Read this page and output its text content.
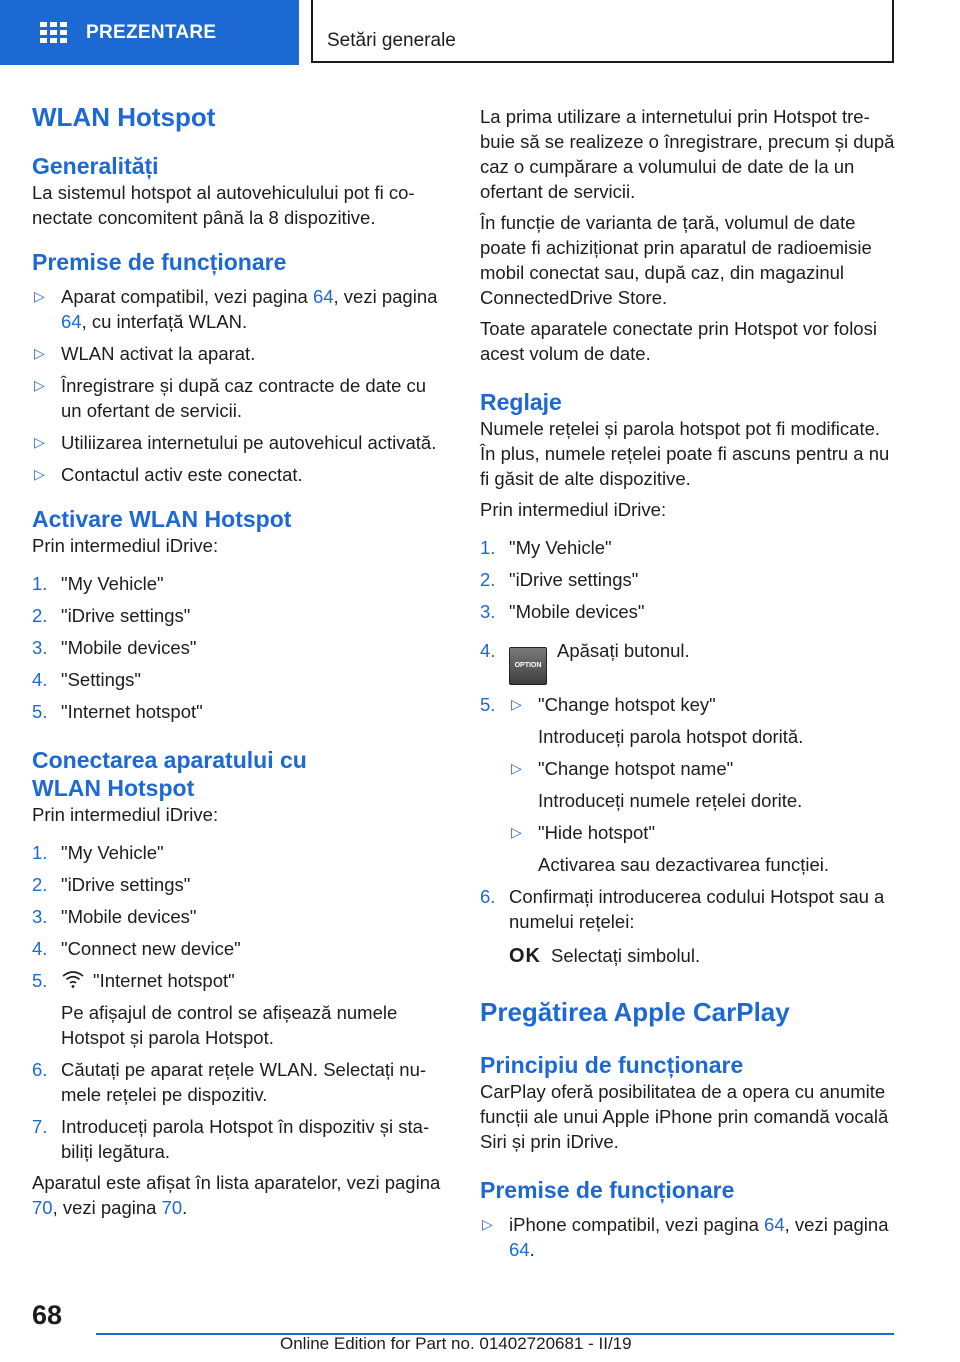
PREZENTARE	Setări generale
WLAN Hotspot
Generalități

La sistemul hotspot al autovehiculului pot fi conectate concomitent până la 8 dispozitive.

Premise de funcționare
▷
Aparat compatibil, vezi pagina 64, vezi pagina 64, cu interfață WLAN.
▷
WLAN activat la aparat.
▷
Înregistrare și după caz contracte de date cu un ofertant de servicii.
▷
Utiliizarea internetului pe autovehicul activată.
▷
Contactul activ este conectat.
Activare WLAN Hotspot

Prin intermediul iDrive:

1. "My Vehicle"
2. "iDrive settings"
3. "Mobile devices"
4. "Settings"
5. "Internet hotspot"
Conectarea aparatului cu
WLAN Hotspot

Prin intermediul iDrive:

1. "My Vehicle"
2. "iDrive settings"
3. "Mobile devices"
4. "Connect new device"
5.	"Internet hotspot"
Pe afișajul de control se afișează numele Hotspot și parola Hotspot.
6. Căutați pe aparat rețele WLAN. Selectați numele rețelei pe dispozitiv.
7. Introduceți parola Hotspot în dispozitiv și stabiliți legătura.

Aparatul este afișat în lista aparatelor, vezi pagina 70, vezi pagina 70.

La prima utilizare a internetului prin Hotspot trebuie să se realizeze o înregistrare, precum și după caz o cumpărare a volumului de date de la un ofertant de servicii.

În funcție de varianta de țară, volumul de date poate fi achiziționat prin aparatul de radioemisie mobil conectat sau, după caz, din magazinul ConnectedDrive Store.

Toate aparatele conectate prin Hotspot vor folosi acest volum de date.

Reglaje

Numele rețelei și parola hotspot pot fi modificate. În plus, numele rețelei poate fi ascuns pentru a nu fi găsit de alte dispozitive.

Prin intermediul iDrive:

1. "My Vehicle"
2. "iDrive settings"
3. "Mobile devices"
4.
OPTIONApăsați butonul.
5.
▷	"Change hotspot key"
Introduceți parola hotspot dorită.
▷
"Change hotspot name"
Introduceți numele rețelei dorite.
▷
"Hide hotspot"
Activarea sau dezactivarea funcției.
6. Confirmați introducerea codului Hotspot sau a numelui rețelei:
OK Selectați simbolul.
Pregătirea Apple CarPlay
Principiu de funcționare

CarPlay oferă posibilitatea de a opera cu anumite funcții ale unui Apple iPhone prin comandă vocală Siri și prin iDrive.

Premise de funcționare
▷
iPhone compatibil, vezi pagina 64, vezi pagina 64.
68
Online Edition for Part no. 01402720681 - II/19
